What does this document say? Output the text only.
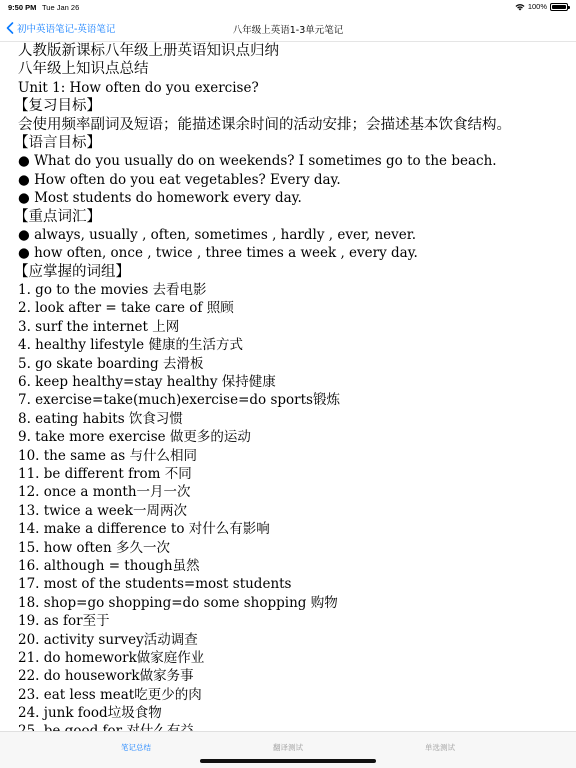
9:50 PM Tue Jan 26	100%
初中英语笔记-英语笔记	八年级上英语1-3单元笔记
人教版新课标八年级上册英语知识点归纳
八年级上知识点总结
Unit 1: How often do you exercise?
【复习目标】
会使用频率副词及短语；能描述课余时间的活动安排；会描述基本饮食结构。
【语言目标】
● What do you usually do on weekends? I sometimes go to the beach.
● How often do you eat vegetables? Every day.
● Most students do homework every day.
【重点词汇】
● always, usually , often, sometimes , hardly , ever, never.
● how often, once , twice , three times a week , every day.
【应掌握的词组】
1. go to the movies 去看电影
2. look after = take care of 照顾
3. surf the internet 上网
4. healthy lifestyle 健康的生活方式
5. go skate boarding 去滑板
6. keep healthy=stay healthy 保持健康
7. exercise=take(much)exercise=do sports锻炼
8. eating habits 饮食习惯
9. take more exercise 做更多的运动
10. the same as 与什么相同
11. be different from 不同
12. once a month一月一次
13. twice a week一周两次
14. make a difference to 对什么有影响
15. how often 多久一次
16. although = though虽然
17. most of the students=most students
18. shop=go shopping=do some shopping 购物
19. as for至于
20. activity survey活动调查
21. do homework做家庭作业
22. do housework做家务事
23. eat less meat吃更少的肉
24. junk food垃圾食物
笔记总结	翻译测试	单选测试
